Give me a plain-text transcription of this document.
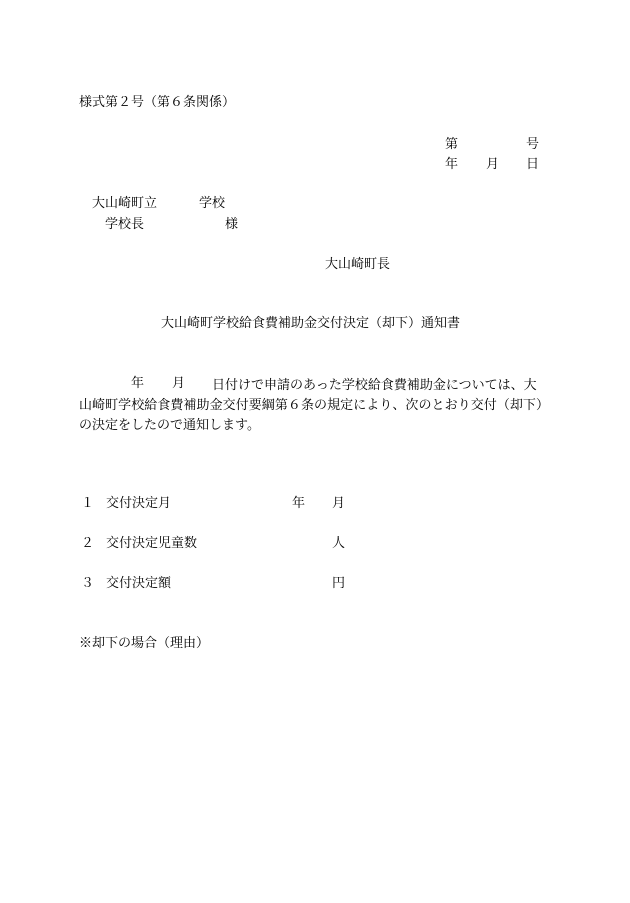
様式第２号（第６条関係）
第	号
年 月 日
大山崎町立	学校
学校長	様
大山崎町長
大山崎町学校給食費補助金交付決定（却下）通知書
年 月 日付けで申請のあった学校給食費補助金については、大
山崎町学校給食費補助金交付要綱第６条の規定により、次のとおり交付（却下）の決定をしたので通知します。
１ 交付決定月	年 月
２ 交付決定児童数	人
３ 交付決定額	円
※却下の場合（理由）
